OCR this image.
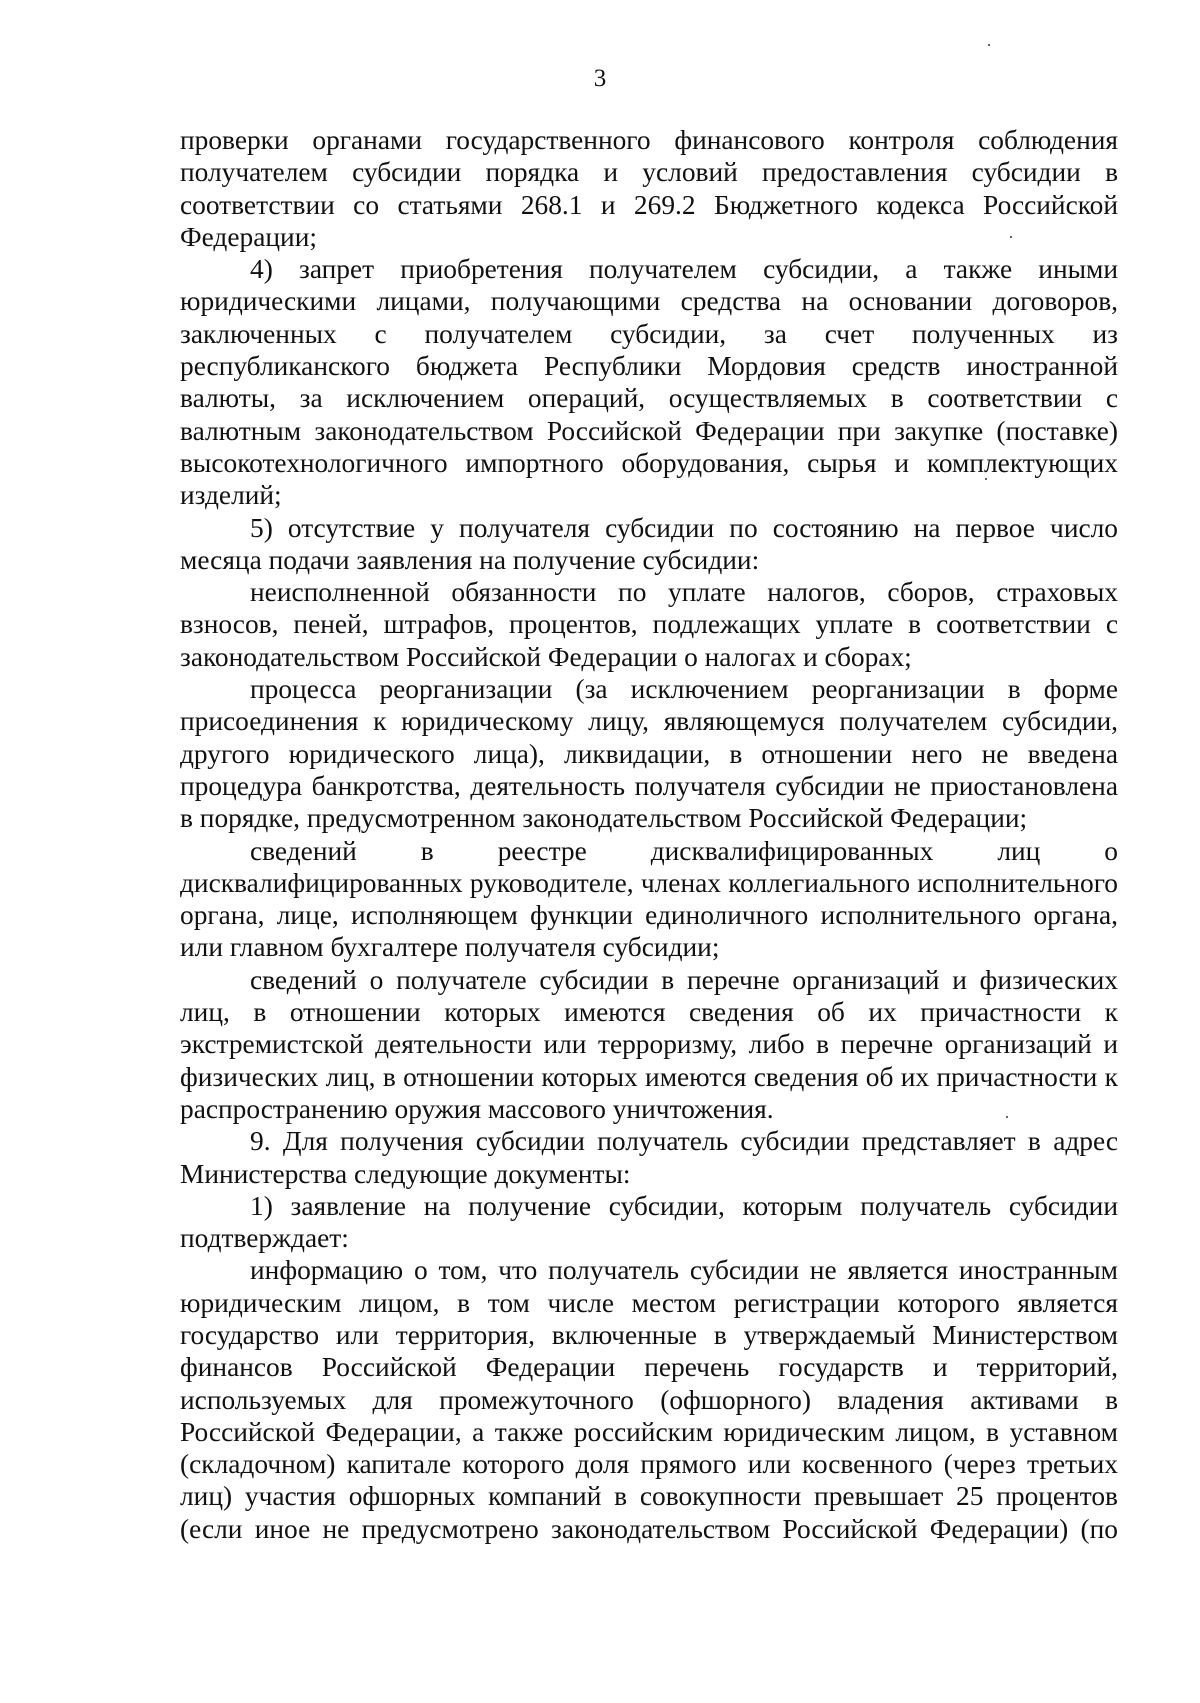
3

проверки органами государственного финансового контроля соблюдения получателем субсидии порядка и условий предоставления субсидии в соответствии со статьями 268.1 и 269.2 Бюджетного кодекса Российской Федерации;

4) запрет приобретения получателем субсидии, а также иными юридическими лицами, получающими средства на основании договоров, заключенных с получателем субсидии, за счет полученных из республиканского бюджета Республики Мордовия средств иностранной валюты, за исключением операций, осуществляемых в соответствии с валютным законодательством Российской Федерации при закупке (поставке) высокотехнологичного импортного оборудования, сырья и комплектующих изделий;

5) отсутствие у получателя субсидии по состоянию на первое число месяца подачи заявления на получение субсидии:

неисполненной обязанности по уплате налогов, сборов, страховых взносов, пеней, штрафов, процентов, подлежащих уплате в соответствии с законодательством Российской Федерации о налогах и сборах;

процесса реорганизации (за исключением реорганизации в форме присоединения к юридическому лицу, являющемуся получателем субсидии, другого юридического лица), ликвидации, в отношении него не введена процедура банкротства, деятельность получателя субсидии не приостановлена в порядке, предусмотренном законодательством Российской Федерации;

сведений в реестре дисквалифицированных лиц о дисквалифицированных руководителе, членах коллегиального исполнительного органа, лице, исполняющем функции единоличного исполнительного органа, или главном бухгалтере получателя субсидии;

сведений о получателе субсидии в перечне организаций и физических лиц, в отношении которых имеются сведения об их причастности к экстремистской деятельности или терроризму, либо в перечне организаций и физических лиц, в отношении которых имеются сведения об их причастности к распространению оружия массового уничтожения.

9. Для получения субсидии получатель субсидии представляет в адрес Министерства следующие документы:

1) заявление на получение субсидии, которым получатель субсидии подтверждает:

информацию о том, что получатель субсидии не является иностранным юридическим лицом, в том числе местом регистрации которого является государство или территория, включенные в утверждаемый Министерством финансов Российской Федерации перечень государств и территорий, используемых для промежуточного (офшорного) владения активами в Российской Федерации, а также российским юридическим лицом, в уставном (складочном) капитале которого доля прямого или косвенного (через третьих лиц) участия офшорных компаний в совокупности превышает 25 процентов (если иное не предусмотрено законодательством Российской Федерации) (по
